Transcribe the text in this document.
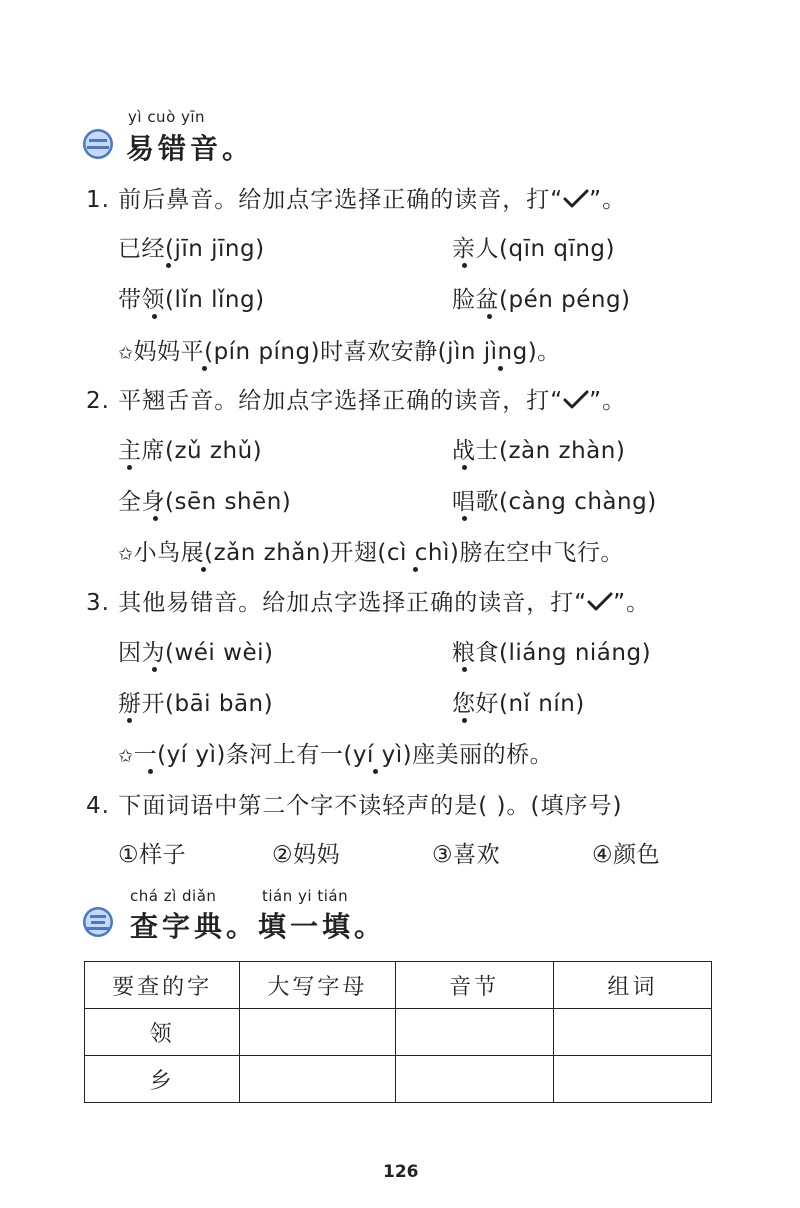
yì cuò yīn
易错音。
1. 前后鼻音。给加点字选择正确的读音，打“ ”。
已经(jīn jīng)	亲人(qīn qīng)
带领(lǐn lǐng)	脸盆(pén péng)
✩妈妈平(pín píng)时喜欢安静(jìn jìng)。
2. 平翘舌音。给加点字选择正确的读音，打“ ”。
主席(zǔ zhǔ)	战士(zàn zhàn)
全身(sēn shēn)	唱歌(càng chàng)
✩小鸟展(zǎn zhǎn)开翅(cì chì)膀在空中飞行。
3. 其他易错音。给加点字选择正确的读音，打“ ”。
因为(wéi wèi)	粮食(liáng niáng)
掰开(bāi bān)	您好(nǐ nín)
✩一(yí yì)条河上有一(yí yì)座美丽的桥。
4. 下面词语中第二个字不读轻声的是( )。(填序号)
①样子	②妈妈	③喜欢	④颜色
chá zì diǎn	tián yi tián
查字典。填一填。
要查的字	大写字母	音节	组词
领			
乡			
126
